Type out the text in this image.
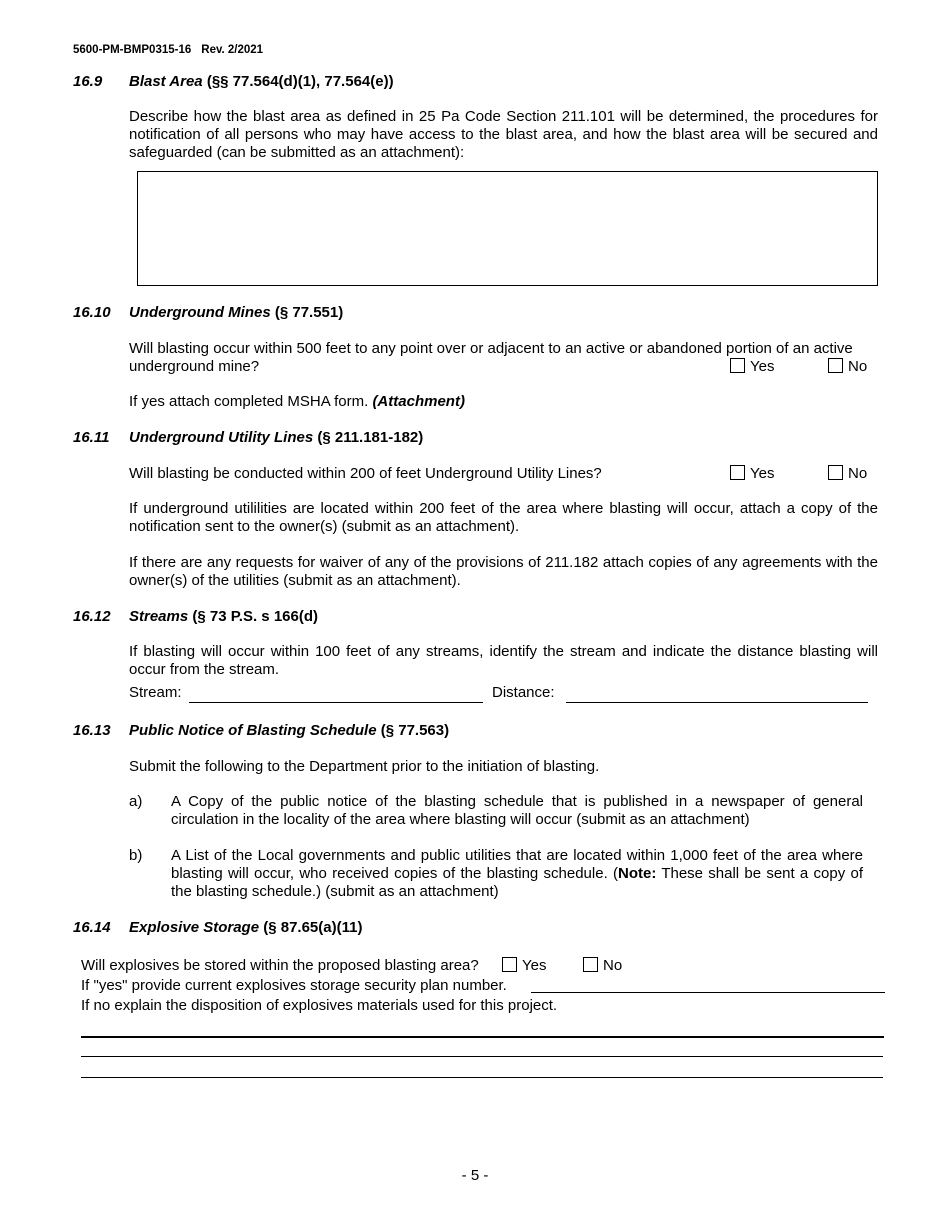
5600-PM-BMP0315-16 Rev. 2/2021
16.9 Blast Area (§§ 77.564(d)(1), 77.564(e))
Describe how the blast area as defined in 25 Pa Code Section 211.101 will be determined, the procedures for notification of all persons who may have access to the blast area, and how the blast area will be secured and safeguarded (can be submitted as an attachment):
16.10 Underground Mines (§ 77.551)
Will blasting occur within 500 feet to any point over or adjacent to an active or abandoned portion of an active
underground mine?	Yes	No
If yes attach completed MSHA form. (Attachment)
16.11 Underground Utility Lines (§ 211.181-182)
Will blasting be conducted within 200 of feet Underground Utility Lines?	Yes	No
If underground utililities are located within 200 feet of the area where blasting will occur, attach a copy of the notification sent to the owner(s) (submit as an attachment).
If there are any requests for waiver of any of the provisions of 211.182 attach copies of any agreements with the owner(s) of the utilities (submit as an attachment).
16.12 Streams (§ 73 P.S. s 166(d)
If blasting will occur within 100 feet of any streams, identify the stream and indicate the distance blasting will occur from the stream.
Stream:	Distance:
16.13 Public Notice of Blasting Schedule (§ 77.563)
Submit the following to the Department prior to the initiation of blasting.
a) A Copy of the public notice of the blasting schedule that is published in a newspaper of general circulation in the locality of the area where blasting will occur (submit as an attachment)
b) A List of the Local governments and public utilities that are located within 1,000 feet of the area where blasting will occur, who received copies of the blasting schedule. (Note: These shall be sent a copy of the blasting schedule.) (submit as an attachment)
16.14 Explosive Storage (§ 87.65(a)(11)
Will explosives be stored within the proposed blasting area?	Yes	No
If "yes" provide current explosives storage security plan number.
If no explain the disposition of explosives materials used for this project.
- 5 -
